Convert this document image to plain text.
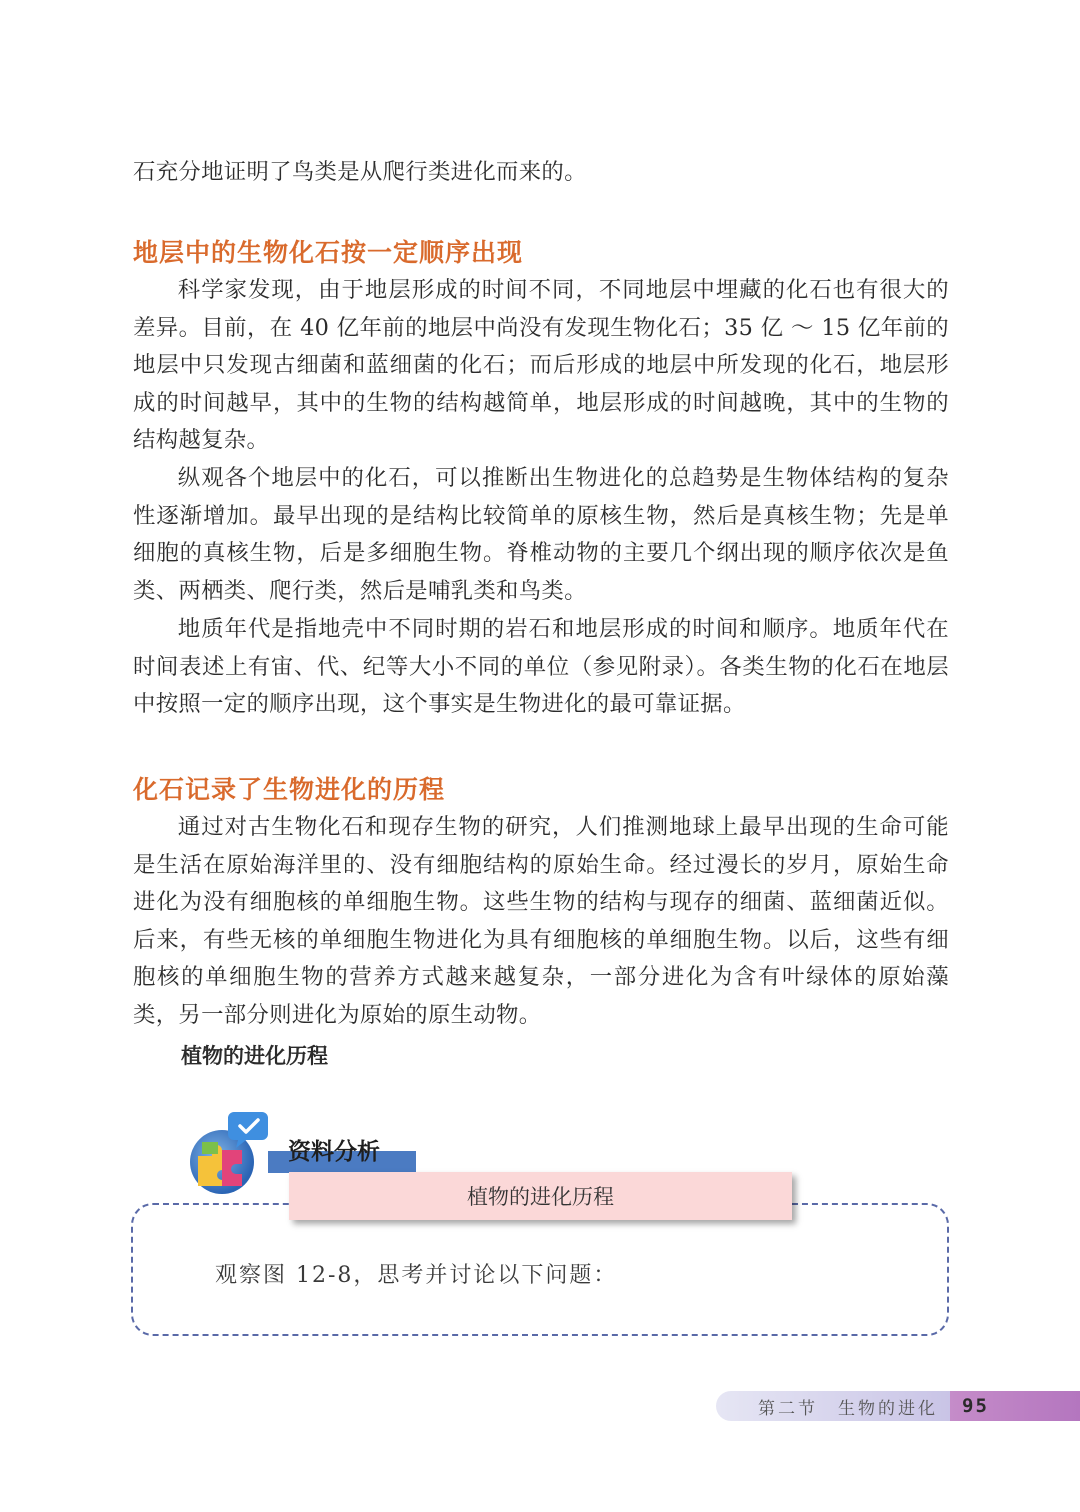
石充分地证明了鸟类是从爬行类进化而来的。

地层中的生物化石按一定顺序出现

科学家发现，由于地层形成的时间不同，不同地层中埋藏的化石也有很大的差异。目前，在 40 亿年前的地层中尚没有发现生物化石；35 亿 ～ 15 亿年前的地层中只发现古细菌和蓝细菌的化石；而后形成的地层中所发现的化石，地层形成的时间越早，其中的生物的结构越简单，地层形成的时间越晚，其中的生物的结构越复杂。

纵观各个地层中的化石，可以推断出生物进化的总趋势是生物体结构的复杂性逐渐增加。最早出现的是结构比较简单的原核生物，然后是真核生物；先是单细胞的真核生物，后是多细胞生物。脊椎动物的主要几个纲出现的顺序依次是鱼类、两栖类、爬行类，然后是哺乳类和鸟类。

地质年代是指地壳中不同时期的岩石和地层形成的时间和顺序。地质年代在时间表述上有宙、代、纪等大小不同的单位（参见附录）。各类生物的化石在地层中按照一定的顺序出现，这个事实是生物进化的最可靠证据。

化石记录了生物进化的历程

通过对古生物化石和现存生物的研究，人们推测地球上最早出现的生命可能是生活在原始海洋里的、没有细胞结构的原始生命。经过漫长的岁月，原始生命进化为没有细胞核的单细胞生物。这些生物的结构与现存的细菌、蓝细菌近似。后来，有些无核的单细胞生物进化为具有细胞核的单细胞生物。以后，这些有细胞核的单细胞生物的营养方式越来越复杂，一部分进化为含有叶绿体的原始藻类，另一部分则进化为原始的原生动物。

植物的进化历程

观察图 12-8，思考并讨论以下问题：

植物的进化历程

资料分析

第二节　生物的进化 95
